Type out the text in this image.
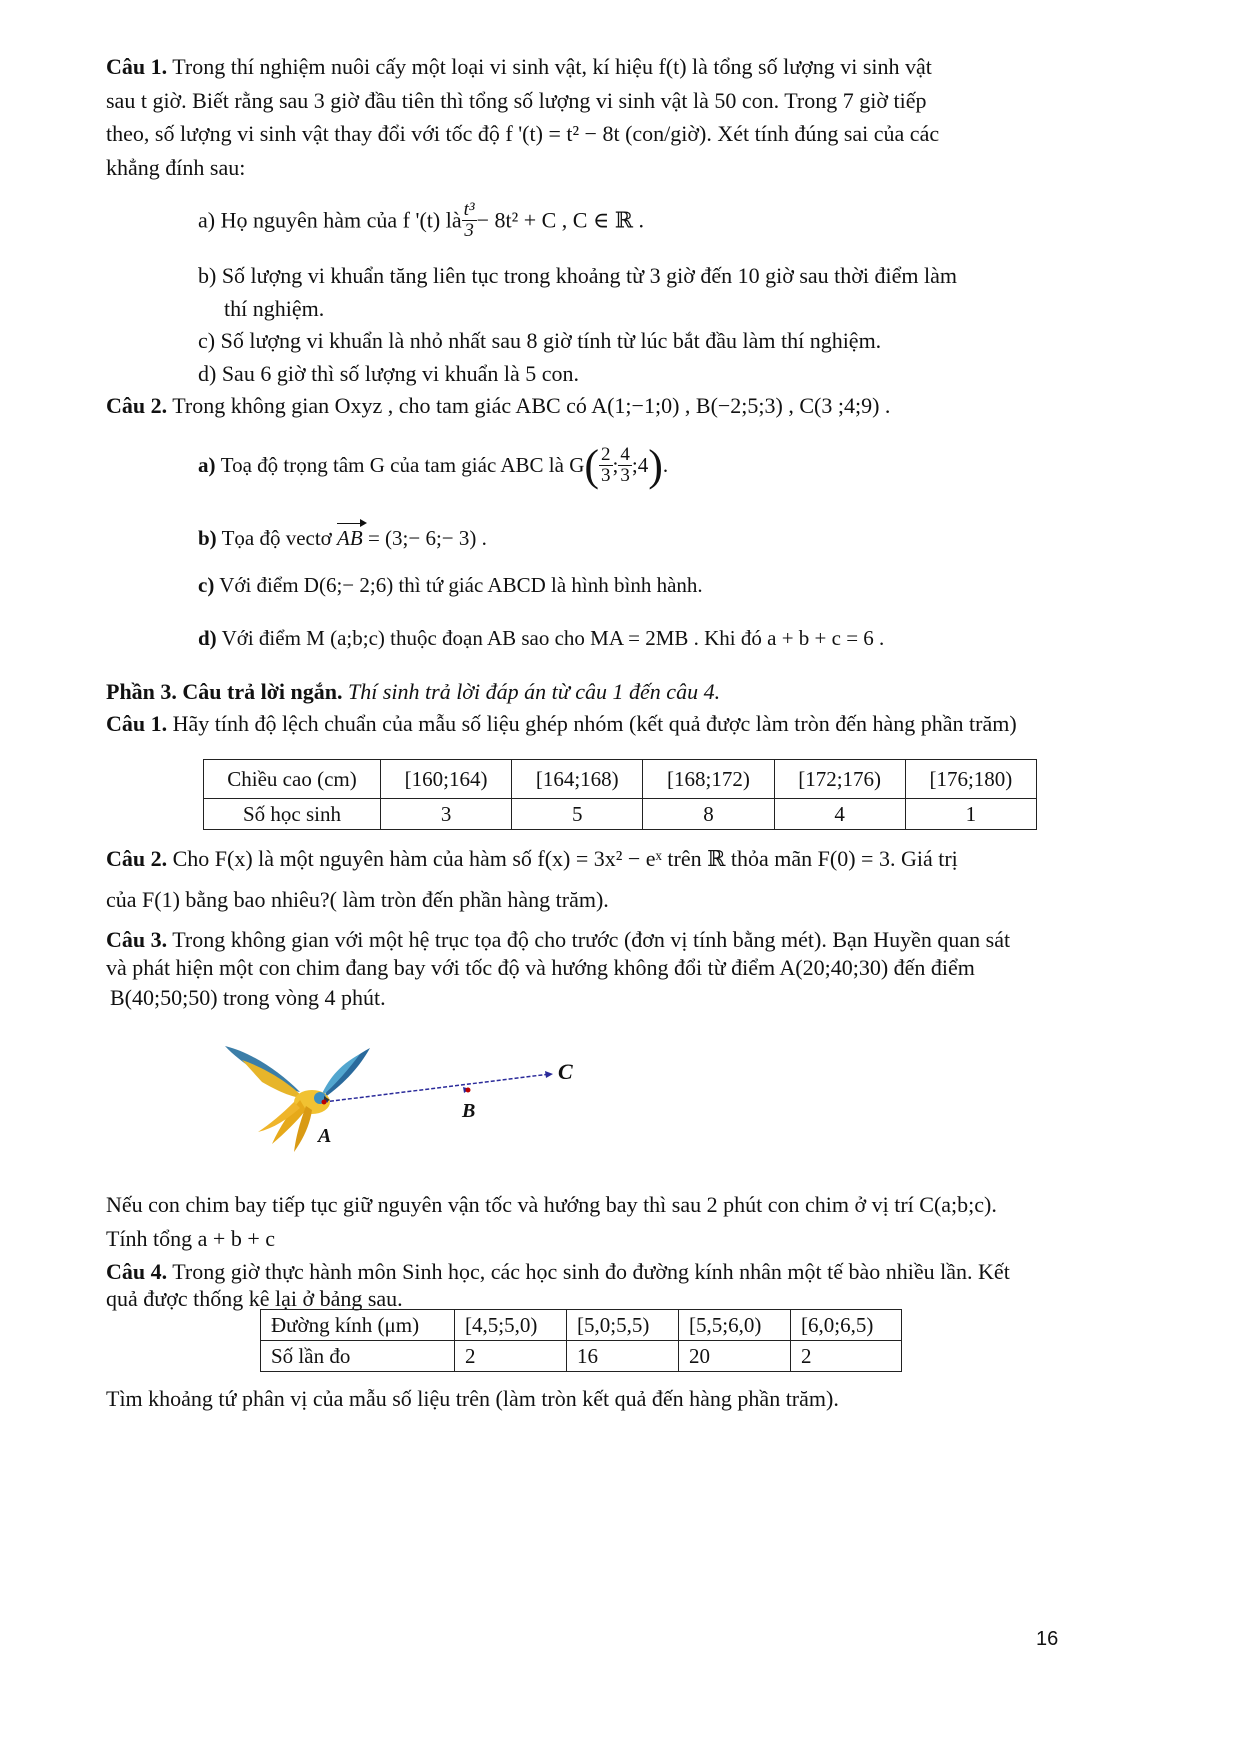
Câu 1. Trong thí nghiệm nuôi cấy một loại vi sinh vật, kí hiệu f(t) là tổng số lượng vi sinh vật
sau t giờ. Biết rằng sau 3 giờ đầu tiên thì tổng số lượng vi sinh vật là 50 con. Trong 7 giờ tiếp
theo, số lượng vi sinh vật thay đổi với tốc độ f '(t) = t² − 8t (con/giờ). Xét tính đúng sai của các
khẳng đính sau:
a) Họ nguyên hàm của f '(t) là $\frac{\text{t³}}{3} - 8t^2 + C$ , C ∈ ℝ .
b) Số lượng vi khuẩn tăng liên tục trong khoảng từ 3 giờ đến 10 giờ sau thời điểm làm
thí nghiệm.
c) Số lượng vi khuẩn là nhỏ nhất sau 8 giờ tính từ lúc bắt đầu làm thí nghiệm.
d) Sau 6 giờ thì số lượng vi khuẩn là 5 con.
Câu 2. Trong không gian Oxyz , cho tam giác ABC có A(1;−1;0) , B(−2;5;3) , C(3 ;4;9) .
a) Toạ độ trọng tâm G của tam giác ABC là $G( \frac{2}{3}$ ; $\frac{4}{3}$ ;4).
b) Tọa độ vectơ AB = (3;− 6;− 3) .
c) Với điểm D(6;− 2;6) thì tứ giác ABCD là hình bình hành.
d) Với điểm M (a;b;c) thuộc đoạn AB sao cho MA = 2MB . Khi đó a + b + c = 6 .
Phần 3. Câu trả lời ngắn. Thí sinh trả lời đáp án từ câu 1 đến câu 4.
Câu 1. Hãy tính độ lệch chuẩn của mẫu số liệu ghép nhóm (kết quả được làm tròn đến hàng phần trăm)
Chiều cao (cm)	[160;164)	[164;168)	[168;172)	[172;176)	[176;180)
Số học sinh	3	5	8	4	1
Câu 2. Cho F(x) là một nguyên hàm của hàm số f(x) = 3x² − eˣ trên ℝ thỏa mãn F(0) = 3. Giá trị
của F(1) bằng bao nhiêu?( làm tròn đến phần hàng trăm).
Câu 3. Trong không gian với một hệ trục tọa độ cho trước (đơn vị tính bằng mét). Bạn Huyền quan sát
và phát hiện một con chim đang bay với tốc độ và hướng không đổi từ điểm A(20;40;30) đến điểm
B(40;50;50) trong vòng 4 phút.
A
B
C
Nếu con chim bay tiếp tục giữ nguyên vận tốc và hướng bay thì sau 2 phút con chim ở vị trí C(a;b;c).
Tính tổng a + b + c
Câu 4. Trong giờ thực hành môn Sinh học, các học sinh đo đường kính nhân một tế bào nhiều lần. Kết
quả được thống kê lại ở bảng sau.
Đường kính (μm)	[4,5;5,0)	[5,0;5,5)	[5,5;6,0)	[6,0;6,5)
Số lần đo	2	16	20	2
Tìm khoảng tứ phân vị của mẫu số liệu trên (làm tròn kết quả đến hàng phần trăm).
16
